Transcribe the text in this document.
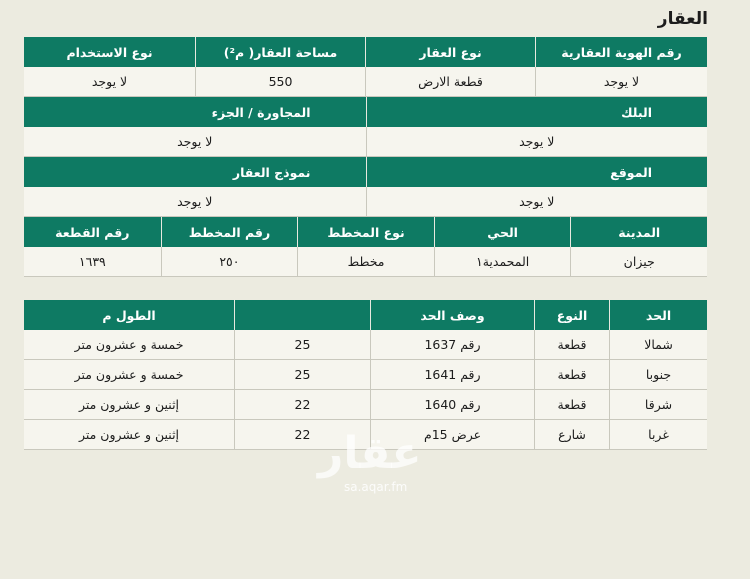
العقار
رقم الهوية العقارية
نوع العقار
مساحة العقار( م²)
نوع الاستخدام
لا يوجد
قطعة الارض
550
لا يوجد
البلك
المجاورة / الجزء
لا يوجد
لا يوجد
الموقع
نموذج العقار
لا يوجد
لا يوجد
المدينة
الحي
نوع المخطط
رقم المخطط
رقم القطعة
جيزان
المحمدية١
مخطط
٢٥٠
١٦٣٩
الحد
النوع
وصف الحد
الطول م
شمالا
قطعة
رقم 1637
25
خمسة و عشرون متر
جنوبا
قطعة
رقم 1641
25
خمسة و عشرون متر
شرقا
قطعة
رقم 1640
22
إثنين و عشرون متر
غربا
شارع
عرض 15م
22
إثنين و عشرون متر	عقار
sa.aqar.fm
